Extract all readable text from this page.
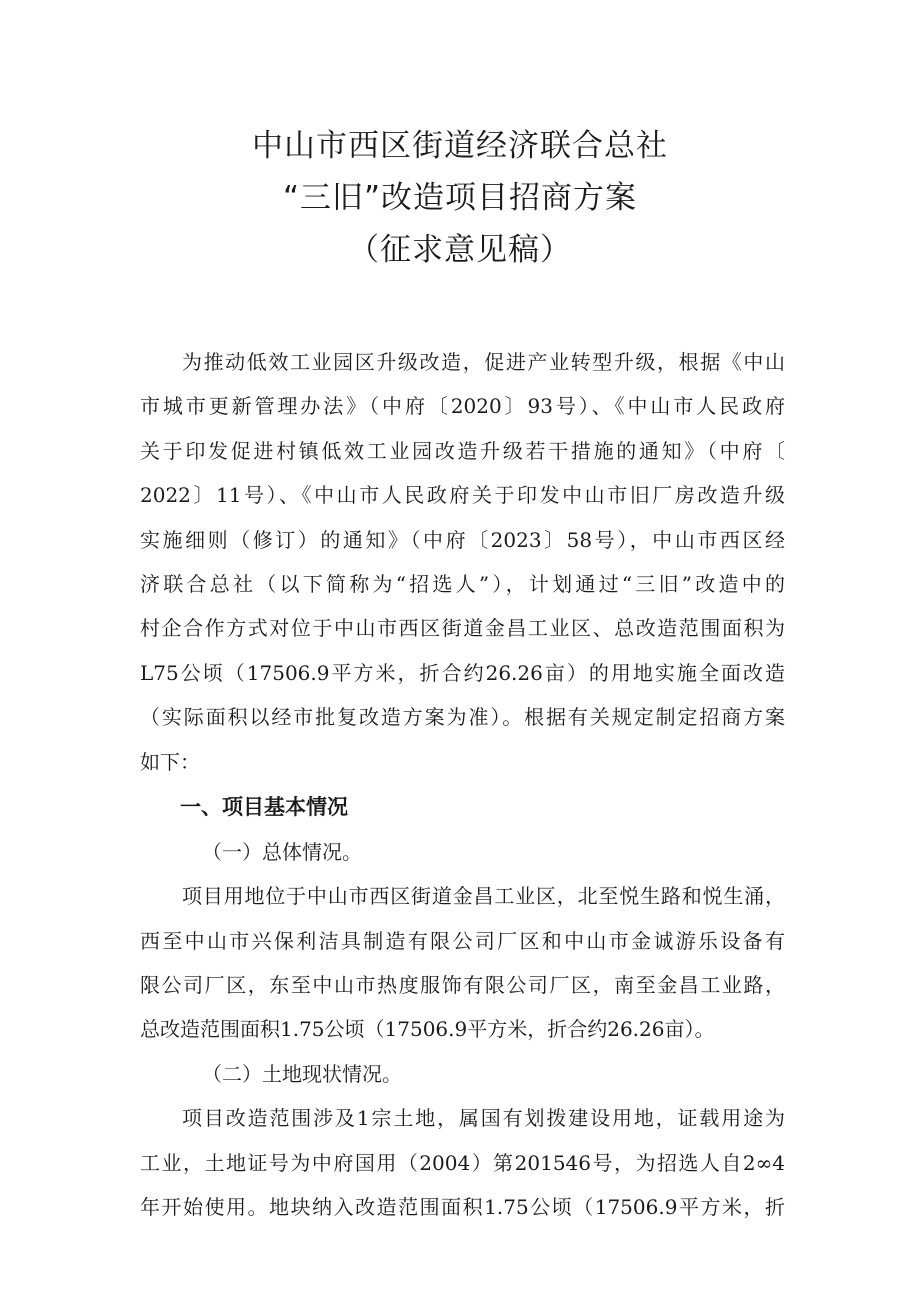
中山市西区街道经济联合总社
“三旧”改造项目招商方案
（征求意见稿）
为推动低效工业园区升级改造，促进产业转型升级，根据《中山
市城市更新管理办法》（中府〔2020〕93号）、《中山市人民政府
关于印发促进村镇低效工业园改造升级若干措施的通知》（中府〔
2022〕11号）、《中山市人民政府关于印发中山市旧厂房改造升级
实施细则（修订）的通知》（中府〔2023〕58号），中山市西区经
济联合总社（以下简称为“招选人”），计划通过“三旧”改造中的
村企合作方式对位于中山市西区街道金昌工业区、总改造范围面积为
L75公顷（17506.9平方米，折合约26.26亩）的用地实施全面改造
（实际面积以经市批复改造方案为准）。根据有关规定制定招商方案
如下：
一、项目基本情况
（一）总体情况。
项目用地位于中山市西区街道金昌工业区，北至悦生路和悦生涌，
西至中山市兴保利洁具制造有限公司厂区和中山市金诚游乐设备有
限公司厂区，东至中山市热度服饰有限公司厂区，南至金昌工业路，
总改造范围面积1.75公顷（17506.9平方米，折合约26.26亩）。
（二）土地现状情况。
项目改造范围涉及1宗土地，属国有划拨建设用地，证载用途为
工业，土地证号为中府国用（2004）第201546号，为招选人自2∞4
年开始使用。地块纳入改造范围面积1.75公顷（17506.9平方米，折
